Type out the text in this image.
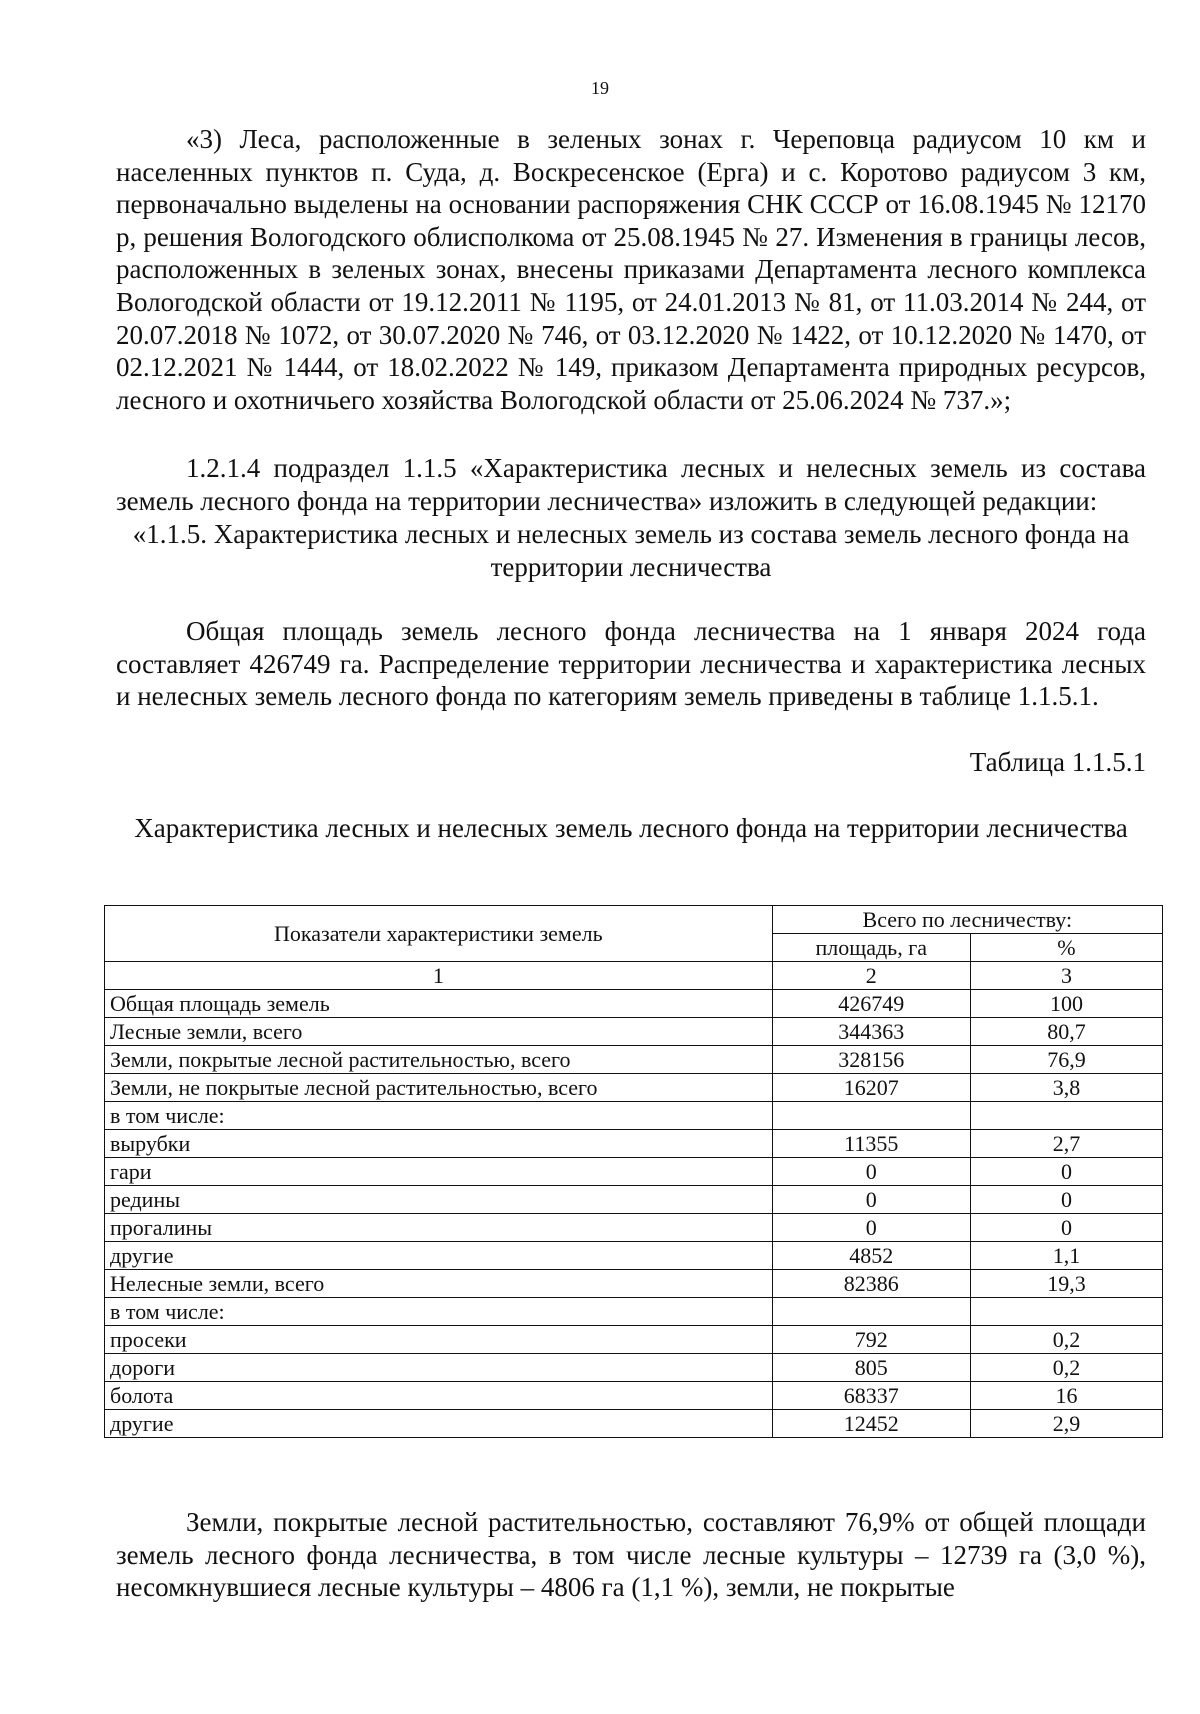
19

«3) Леса, расположенные в зеленых зонах г. Череповца радиусом 10 км и населенных пунктов п. Суда, д. Воскресенское (Ерга) и с. Коротово радиусом 3 км, первоначально выделены на основании распоряжения СНК СССР от 16.08.1945 № 12170 р, решения Вологодского облисполкома от 25.08.1945 № 27. Изменения в границы лесов, расположенных в зеленых зонах, внесены приказами Департамента лесного комплекса Вологодской области от 19.12.2011 № 1195, от 24.01.2013 № 81, от 11.03.2014 № 244, от 20.07.2018 № 1072, от 30.07.2020 № 746, от 03.12.2020 № 1422, от 10.12.2020 № 1470, от 02.12.2021 № 1444, от 18.02.2022 № 149, приказом Департамента природных ресурсов, лесного и охотничьего хозяйства Вологодской области от 25.06.2024 № 737.»;

1.2.1.4 подраздел 1.1.5 «Характеристика лесных и нелесных земель из состава земель лесного фонда на территории лесничества» изложить в следующей редакции:

«1.1.5. Характеристика лесных и нелесных земель из состава земель лесного фонда на территории лесничества

Общая площадь земель лесного фонда лесничества на 1 января 2024 года составляет 426749 га. Распределение территории лесничества и характеристика лесных и нелесных земель лесного фонда по категориям земель приведены в таблице 1.1.5.1.

Таблица 1.1.5.1
Характеристика лесных и нелесных земель лесного фонда на территории лесничества
Показатели характеристики земель	Всего по лесничеству:	
	площадь, га	%
1	2	3
Общая площадь земель	426749	100
Лесные земли, всего	344363	80,7
Земли, покрытые лесной растительностью, всего	328156	76,9
Земли, не покрытые лесной растительностью, всего	16207	3,8
в том числе:		
вырубки	11355	2,7
гари	0	0
редины	0	0
прогалины	0	0
другие	4852	1,1
Нелесные земли, всего	82386	19,3
в том числе:		
просеки	792	0,2
дороги	805	0,2
болота	68337	16
другие	12452	2,9

Земли, покрытые лесной растительностью, составляют 76,9% от общей площади земель лесного фонда лесничества, в том числе лесные культуры – 12739 га (3,0 %), несомкнувшиеся лесные культуры – 4806 га (1,1 %), земли, не покрытые
